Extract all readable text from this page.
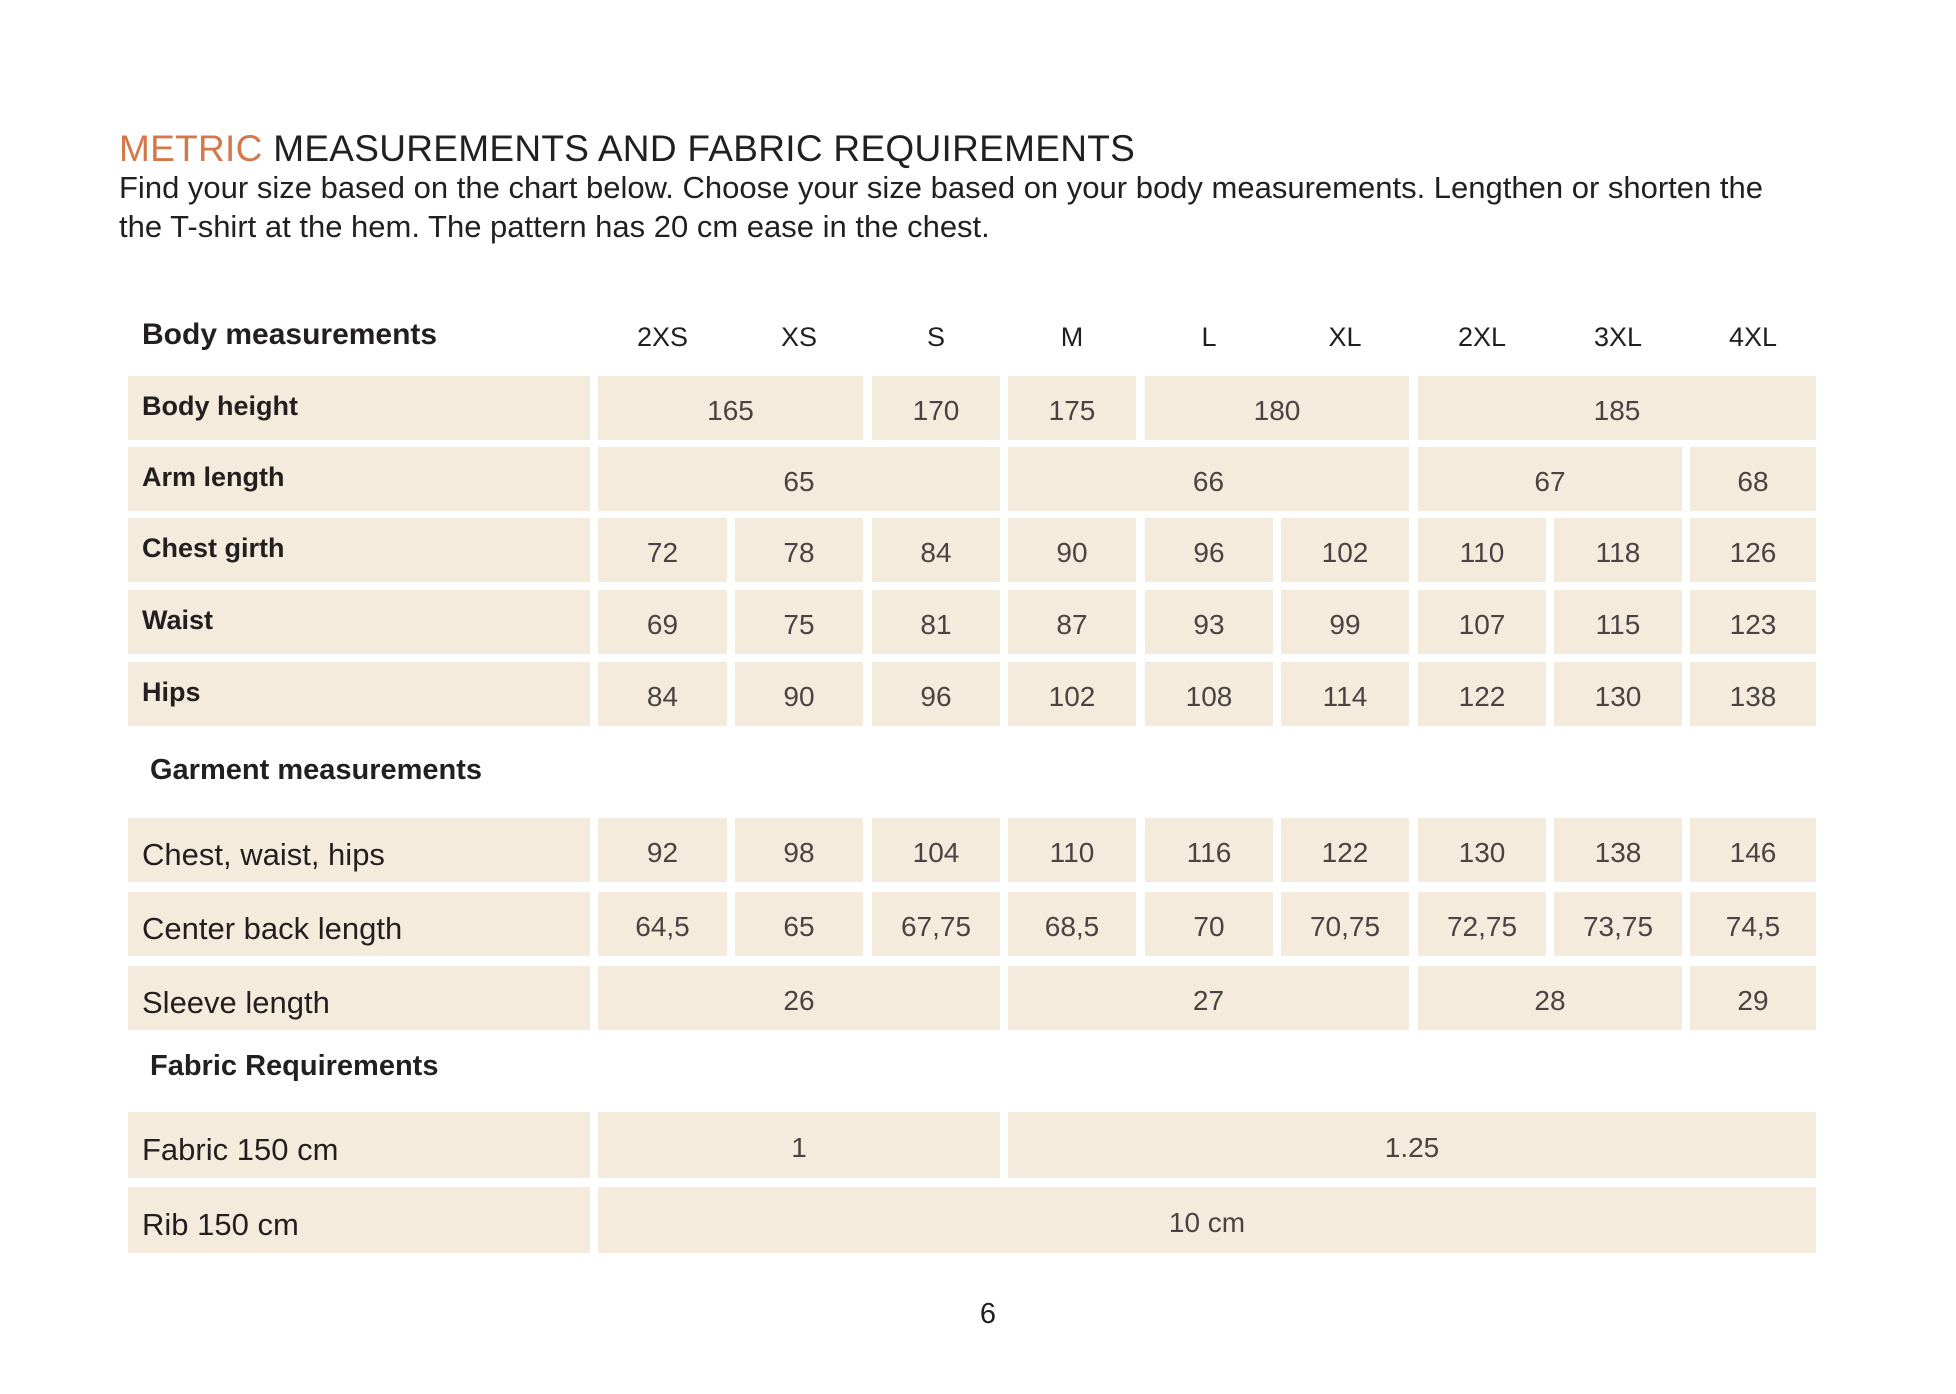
METRIC MEASUREMENTS AND FABRIC REQUIREMENTS

Find your size based on the chart below. Choose your size based on your body measurements. Lengthen or shorten the
the T-shirt at the hem. The pattern has 20 cm ease in the chest.

Body measurements	2XS	XS	S	M	L	XL	2XL	3XL	4XL
Body height	165	170	175	180	185
Arm length	65	66	67	68
Chest girth	72	78	84	90	96	102	110	118	126
Waist	69	75	81	87	93	99	107	115	123
Hips	84	90	96	102	108	114	122	130	138
Garment measurements
Chest, waist, hips	92	98	104	110	116	122	130	138	146
Center back length	64,5	65	67,75	68,5	70	70,75	72,75	73,75	74,5
Sleeve length	26	27	28	29
Fabric Requirements
Fabric 150 cm	1	1.25
Rib 150 cm	10 cm
6
